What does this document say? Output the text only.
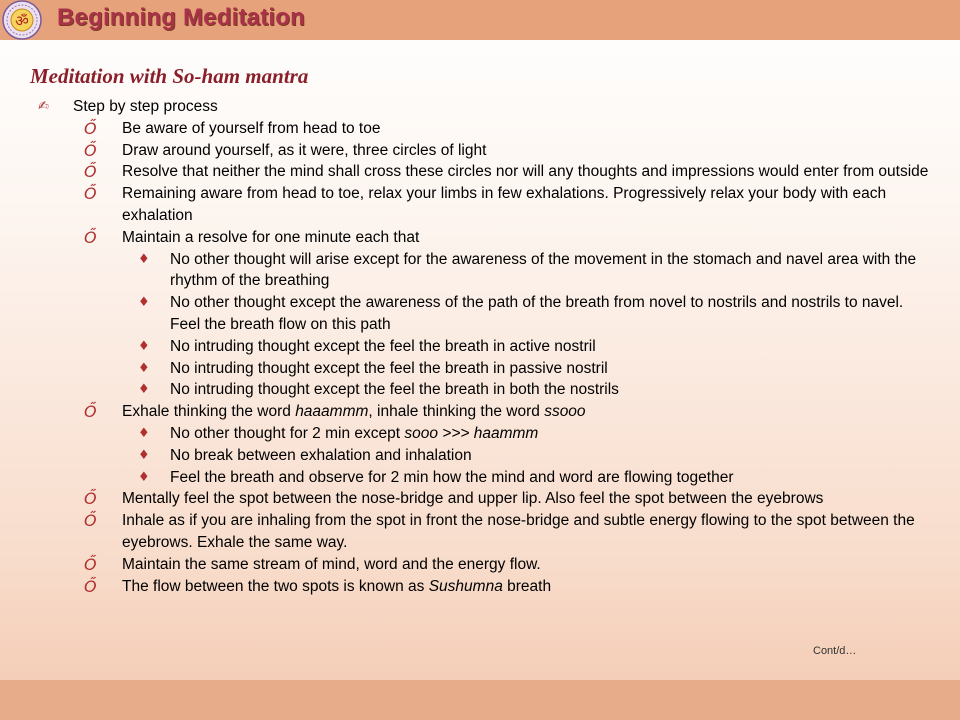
ॐ Beginning Meditation
Meditation with So-ham mantra
✍ Step by step process
Ő Be aware of yourself from head to toe
Ő Draw around yourself, as it were, three circles of light
Ő Resolve that neither the mind shall cross these circles nor will any thoughts and impressions would enter from outside
Ő Remaining aware from head to toe, relax your limbs in few exhalations. Progressively relax your body with each exhalation
Ő Maintain a resolve for one minute each that
♦ No other thought will arise except for the awareness of the movement in the stomach and navel area with the rhythm of the breathing
♦ No other thought except the awareness of the path of the breath from novel to nostrils and nostrils to navel. Feel the breath flow on this path
♦ No intruding thought except the feel the breath in active nostril
♦ No intruding thought except the feel the breath in passive nostril
♦ No intruding thought except the feel the breath in both the nostrils
Ő Exhale thinking the word haaammm, inhale thinking the word ssooo
♦ No other thought for 2 min except sooo >>> haammm
♦ No break between exhalation and inhalation
♦ Feel the breath and observe for 2 min how the mind and word are flowing together
Ő Mentally feel the spot between the nose-bridge and upper lip. Also feel the spot between the eyebrows
Ő Inhale as if you are inhaling from the spot in front the nose-bridge and subtle energy flowing to the spot between the eyebrows. Exhale the same way.
Ő Maintain the same stream of mind, word and the energy flow.
Ő The flow between the two spots is known as Sushumna breath
Cont/d…
